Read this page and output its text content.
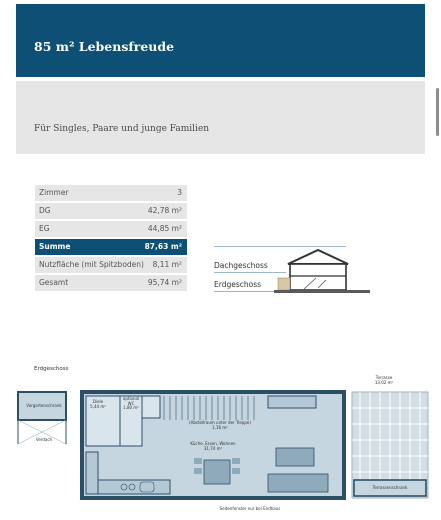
85 m² Lebensfreude
Für Singles, Paare und junge Familien
Zimmer	3
DG	42,78 m²
EG	44,85 m²
Summe	87,63 m²
Nutzfläche (mit Spitzboden) 8,11 m²
Gesamt	95,74 m²
Dachgeschoss
Erdgeschoss
Erdgeschoss
Vorgartenschrank
Verdach
Diele
5,44 m²
optional
WC
1,80 m²
(Abstellraum unter der Treppe)
1,16 m²
Küche, Essen, Wohnen
31,74 m²
Terrasse
13,02 m²
Terrassenschrank
Seitenfenster nur bei Endhaus
